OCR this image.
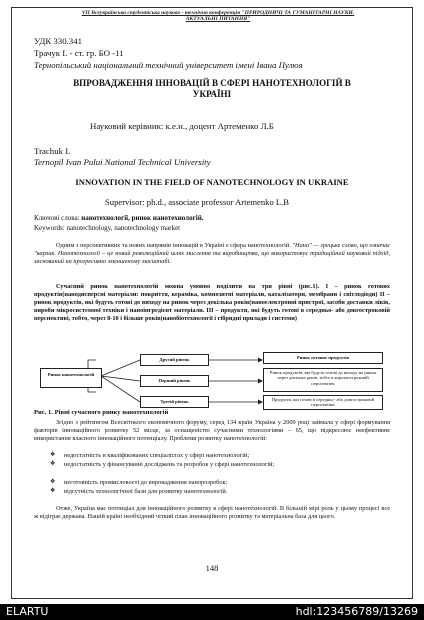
VII Всеукраїнська студентська науково - технічна конференція "ПРИРОДНИЧІ ТА ГУМАНІТАРНІ НАУКИ.
АКТУАЛЬНІ ПИТАННЯ"
УДК 330.341
Трачук І. - ст. гр. БО -11
Тернопільський національний технічний університет імені Івана Пулюя
ВПРОВАДЖЕННЯ ІННОВАЦІЙ В СФЕРІ НАНОТЕХНОЛОГІЙ В
УКРАЇНІ
Науковий керівник: к.е.н., доцент Артеменко Л.Б
Trachuk I.
Ternopil Ivan Pului National Technical University
INNOVATION IN THE FIELD OF NANOTECHNOLOGY IN UKRAINE
Supervisor: ph.d., associate professor Artemenko L.B
Ключові слова: нанотехнології, ринок нанотехнологій.
Keywords: nanotechnology, nanotechnology market
Одним з перспективних та нових напрямів інновацій в Україні є сфера нанотехнологій. "Нано" — грецьке слово, що означає "карлик. Нанотехнології – це новий революційний шлях мислення та виробництва, що використовує традиційний науковий підхід, заснований на прогресивно зменшеному масштабі.
Сучасний ринок нанотехнологій можна умовно поділити на три рівні (рис.1). I – ринок готових продуктів(нанодисперсні матеріали: покриття, кераміка, композитні матеріали, каталізатори, мембрани і світлодіоди) II – ринок продуктів, які будуть готові до виходу на ринок через декілька років(наноелектронні пристрої, засоби доставки ліків, вироби мікросистемної техніки і наноінгредієнт матеріали. III – продукти, які будуть готові в середньо- або довгостроковій перспективі, тобто, через 8-10 і більше років(нанобіотехнології і гібридні прилади і системи)
Ринок нанотехнологій
Другий рівень
Перший рівень
Третій рівень
Ринок готових продуктів
Ринок продуктів, які будуть готові до виходу на ринок через декілька років, тобто в короткостроковій перспективі
Продукти, які готові в середньо- або довгостроковій перспективі
Рис. 1. Рівні сучасного ринку нанотехнологій
Згідно з рейтингом Всесвітнього економічного форуму, серед 134 країн Україна у 2009 році займала у сфері формування факторів інноваційного розвитку 52 місце, за оснащеністю сучасними технологіями – 65, що підкреслює неефективне використання власного інноваційного потенціалу. Проблеми розвитку нанотехнологій:
❖ недостатність в кваліфікованих спеціалістах у сфері нанотехнологій;
❖ недостатність у фінансуванні досліджень та розробок у сфері нанотехнологій;
❖ неготовність промисловості до впровадження нанорозробок;
❖ відсутність технологічної бази для розвитку нанотехнологій.
Отже, Україна має потенціал для інноваційного розвитку в сфері нанотехнологій. В більшій мірі роль у цьому процесі все ж відіграє держава. Нашій країні необхідний чіткий план інноваційного розвитку та матеріальна база для цього.
148
ELARTU	hdl:123456789/13269
